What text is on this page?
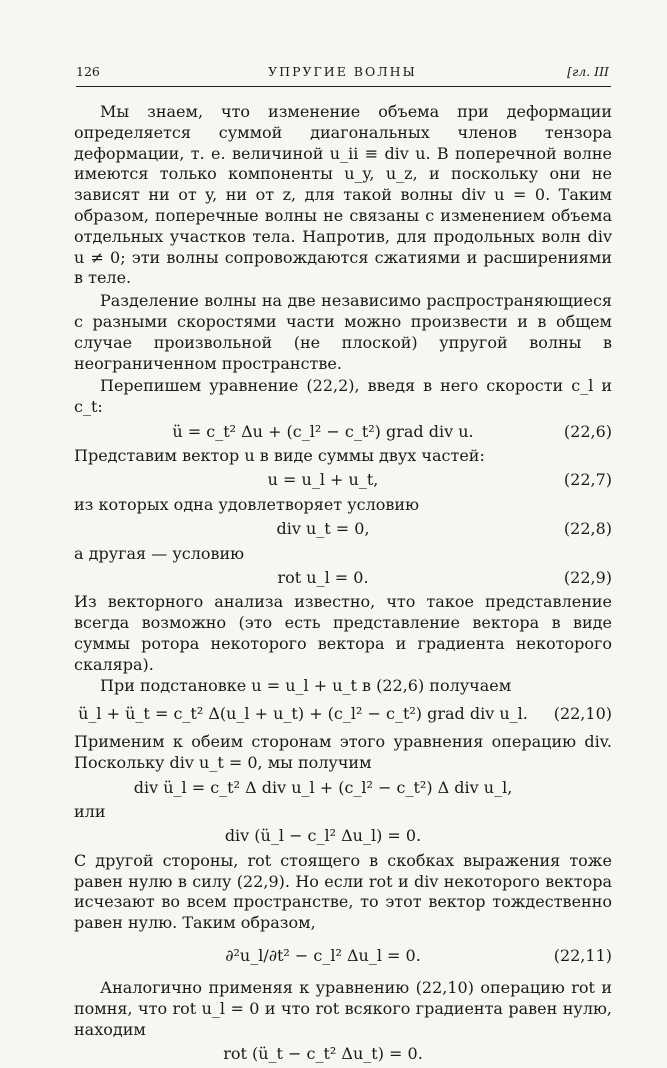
126	УПРУГИЕ ВОЛНЫ	[гл. III

Мы знаем, что изменение объема при деформации определяется суммой диагональных членов тензора деформации, т. е. величиной u_ii ≡ div u. В поперечной волне имеются только компоненты u_y, u_z, и поскольку они не зависят ни от y, ни от z, для такой волны div u = 0. Таким образом, поперечные волны не связаны с изменением объема отдельных участков тела. Напротив, для продольных волн div u ≠ 0; эти волны сопровождаются сжатиями и расширениями в теле.

Разделение волны на две независимо распространяющиеся с разными скоростями части можно произвести и в общем случае произвольной (не плоской) упругой волны в неограниченном пространстве.

Перепишем уравнение (22,2), введя в него скорости c_l и c_t:

ü = c_t² Δu + (c_l² − c_t²) grad div u.	(22,6)

Представим вектор u в виде суммы двух частей:

u = u_l + u_t,	(22,7)

из которых одна удовлетворяет условию

div u_t = 0,	(22,8)

а другая — условию

rot u_l = 0.	(22,9)

Из векторного анализа известно, что такое представление всегда возможно (это есть представление вектора в виде суммы ротора некоторого вектора и градиента некоторого скаляра).

При подстановке u = u_l + u_t в (22,6) получаем

ü_l + ü_t = c_t² Δ(u_l + u_t) + (c_l² − c_t²) grad div u_l.	(22,10)

Применим к обеим сторонам этого уравнения операцию div. Поскольку div u_t = 0, мы получим

div ü_l = c_t² Δ div u_l + (c_l² − c_t²) Δ div u_l,

или

div (ü_l − c_l² Δu_l) = 0.

С другой стороны, rot стоящего в скобках выражения тоже равен нулю в силу (22,9). Но если rot и div некоторого вектора исчезают во всем пространстве, то этот вектор тождественно равен нулю. Таким образом,

∂²u_l/∂t² − c_l² Δu_l = 0.	(22,11)

Аналогично применяя к уравнению (22,10) операцию rot и помня, что rot u_l = 0 и что rot всякого градиента равен нулю, находим

rot (ü_t − c_t² Δu_t) = 0.
